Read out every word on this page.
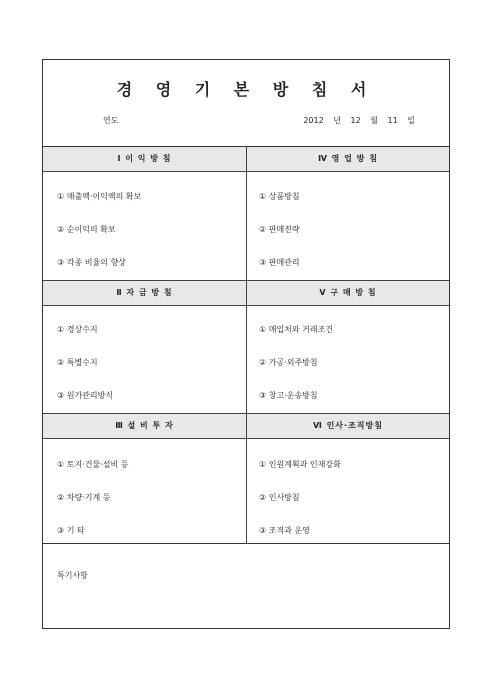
경 영 기 본 방 침 서
연도	2012 년 12 월 11 일
Ⅰ 이 익 방 침	Ⅳ 영 업 방 침
① 매출액·이익액의 확보
② 순이익의 확보
③ 각종 비율의 향상
① 상품방침
② 판매전략
③ 판매관리
Ⅱ 자 금 방 침	Ⅴ 구 매 방 침
① 경상수지
② 특별수지
③ 원가관리방식
① 매입처와 거래조건
② 가공·외주방침
③ 창고·운송방침
Ⅲ 설 비 투 자	Ⅵ 인사·조직방침
① 토지·건물·설비 등
② 차량·기계 등
③ 기 타
① 인원계획과 인재강화
② 인사방침
③ 조직과 운영
특기사항
